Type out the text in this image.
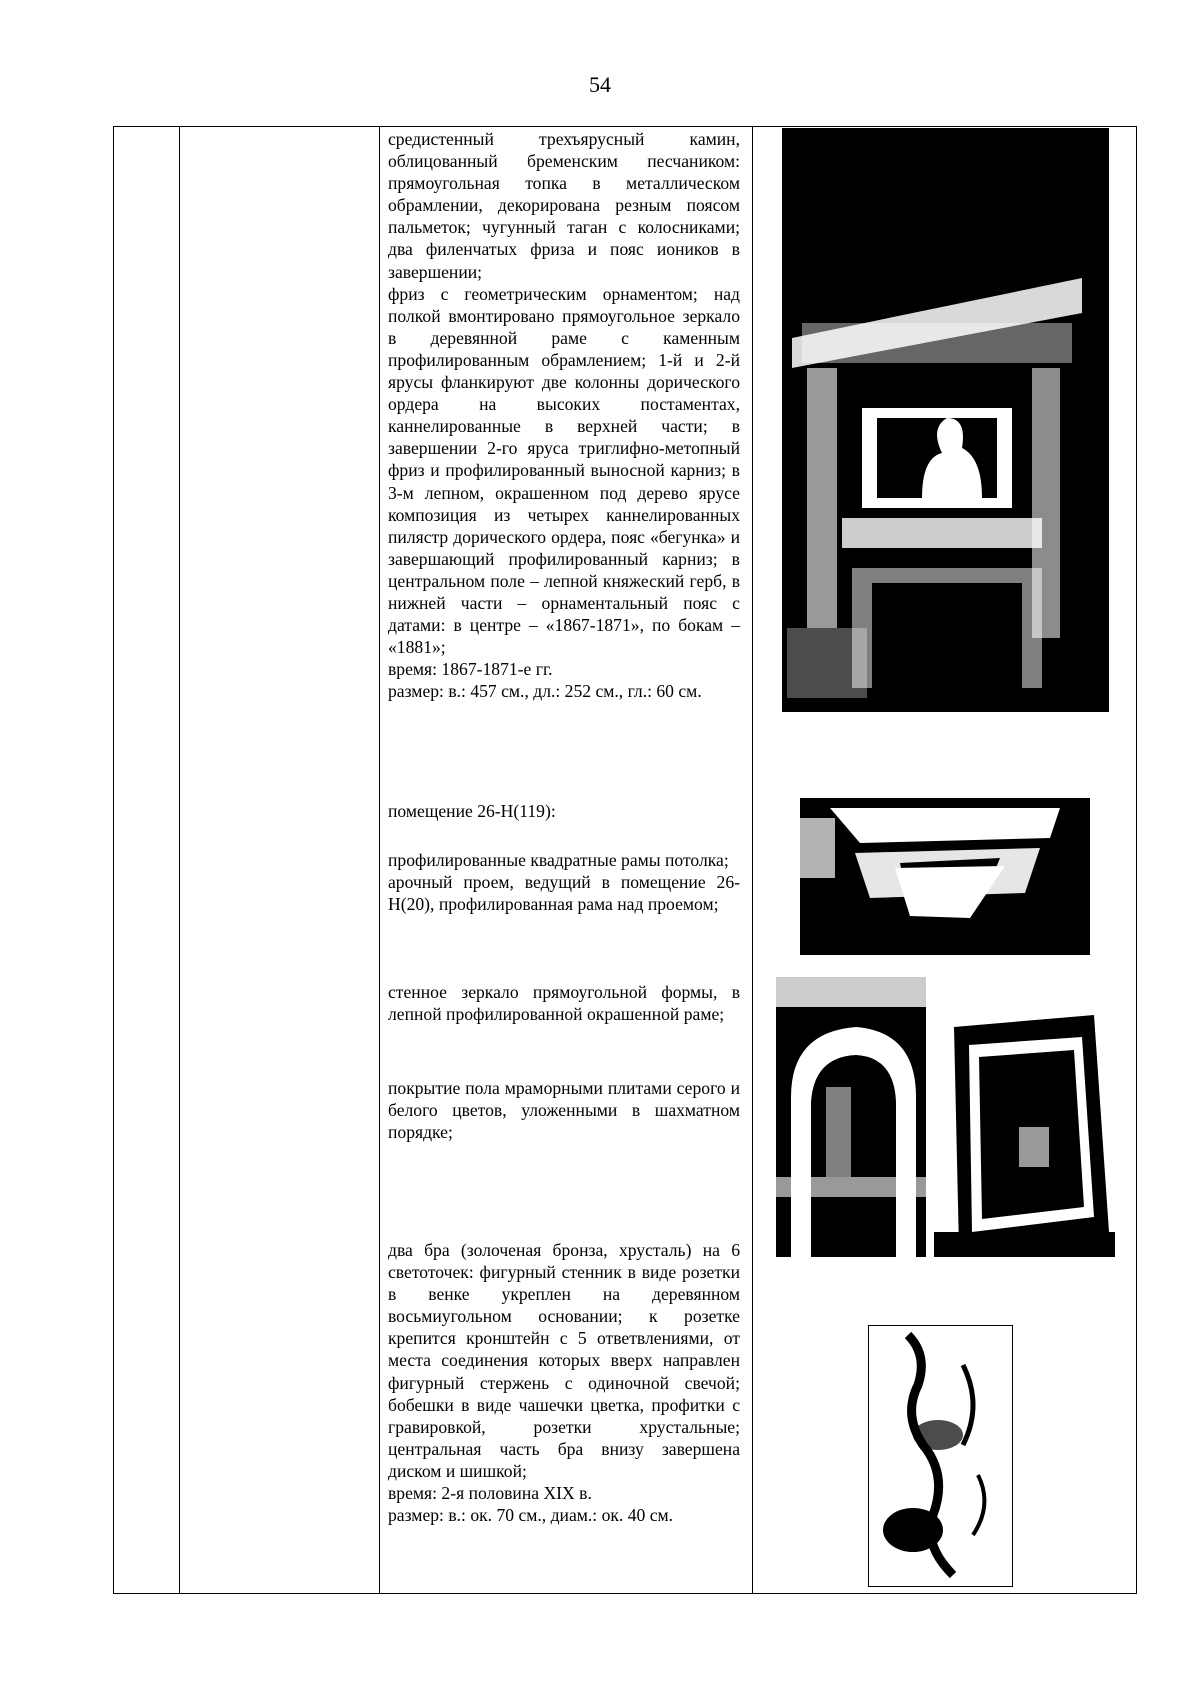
54

средистенный трехъярусный камин, облицованный бременским песчаником: прямоугольная топка в металлическом обрамлении, декорирована резным поясом пальметок; чугунный таган с колосниками; два филенчатых фриза и пояс иоников в завершении;

фриз с геометрическим орнаментом; над полкой вмонтировано прямоугольное зеркало в деревянной раме с каменным профилированным обрамлением; 1-й и 2-й ярусы фланкируют две колонны дорического ордера на высоких постаментах, каннелированные в верхней части; в завершении 2-го яруса триглифно-метопный фриз и профилированный выносной карниз; в 3-м лепном, окрашенном под дерево ярусе композиция из четырех каннелированных пилястр дорического ордера, пояс «бегунка» и завершающий профилированный карниз; в центральном поле – лепной княжеский герб, в нижней части – орнаментальный пояс с датами: в центре – «1867-1871», по бокам – «1881»;

время: 1867-1871-е гг.

размер: в.: 457 см., дл.: 252 см., гл.: 60 см.

помещение 26-Н(119):

профилированные квадратные рамы потолка;

арочный проем, ведущий в помещение 26-Н(20), профилированная рама над проемом;

стенное зеркало прямоугольной формы, в лепной профилированной окрашенной раме;
покрытие пола мраморными плитами серого и белого цветов, уложенными в шахматном порядке;

два бра (золоченая бронза, хрусталь) на 6 светоточек: фигурный стенник в виде розетки в венке укреплен на деревянном восьмиугольном основании; к розетке крепится кронштейн с 5 ответвлениями, от места соединения которых вверх направлен фигурный стержень с одиночной свечой; бобешки в виде чашечки цветка, профитки с гравировкой, розетки хрустальные; центральная часть бра внизу завершена диском и шишкой;

время: 2-я половина XIX в.

размер: в.: ок. 70 см., диам.: ок. 40 см.
